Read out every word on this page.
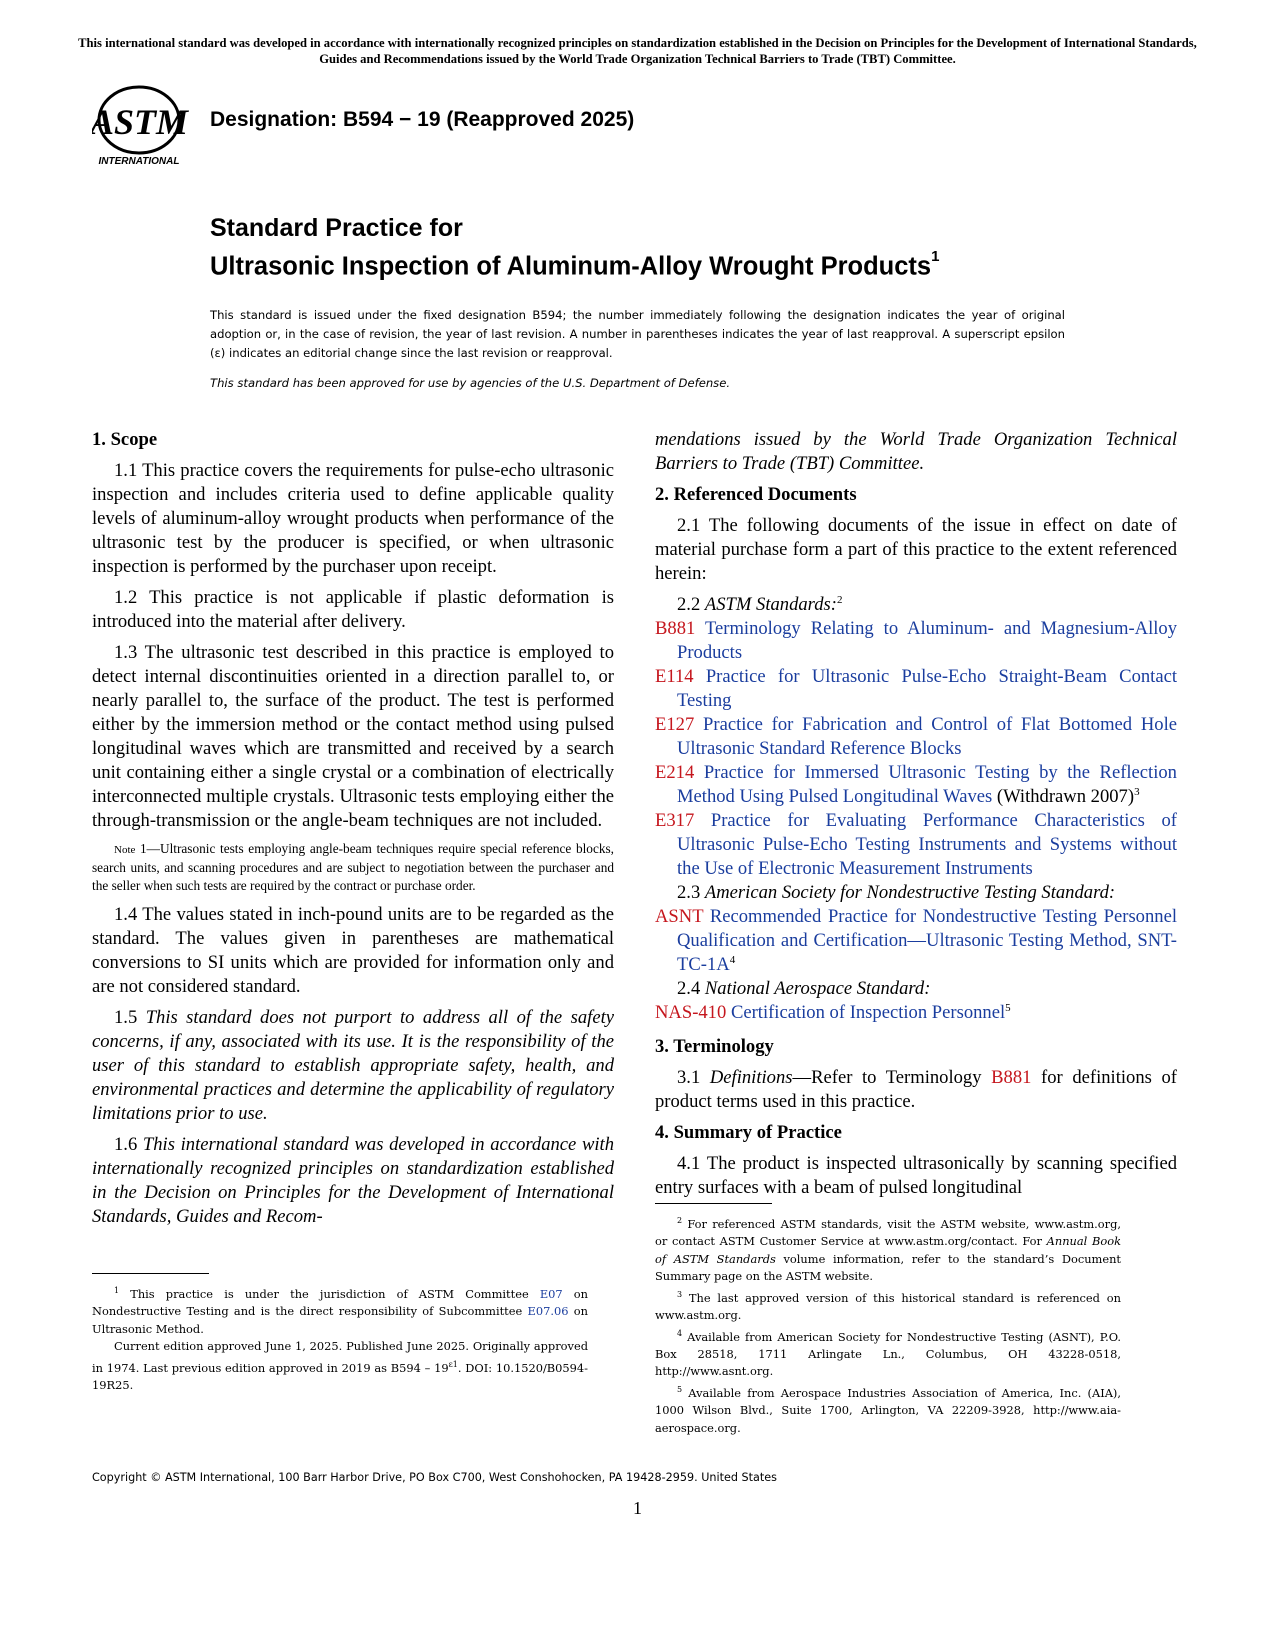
This international standard was developed in accordance with internationally recognized principles on standardization established in the Decision on Principles for the Development of International Standards, Guides and Recommendations issued by the World Trade Organization Technical Barriers to Trade (TBT) Committee.
ASTM
INTERNATIONAL
Designation: B594 − 19 (Reapproved 2025)
Standard Practice for
Ultrasonic Inspection of Aluminum-Alloy Wrought Products$^1$
This standard is issued under the fixed designation B594; the number immediately following the designation indicates the year of original adoption or, in the case of revision, the year of last revision. A number in parentheses indicates the year of last reapproval. A superscript epsilon (ε) indicates an editorial change since the last revision or reapproval.
This standard has been approved for use by agencies of the U.S. Department of Defense.
1. Scope

1.1 This practice covers the requirements for pulse-echo ultrasonic inspection and includes criteria used to define applicable quality levels of aluminum-alloy wrought products when performance of the ultrasonic test by the producer is specified, or when ultrasonic inspection is performed by the purchaser upon receipt.

1.2 This practice is not applicable if plastic deformation is introduced into the material after delivery.

1.3 The ultrasonic test described in this practice is employed to detect internal discontinuities oriented in a direction parallel to, or nearly parallel to, the surface of the product. The test is performed either by the immersion method or the contact method using pulsed longitudinal waves which are transmitted and received by a search unit containing either a single crystal or a combination of electrically interconnected multiple crystals. Ultrasonic tests employing either the through-transmission or the angle-beam techniques are not included.

Note 1—Ultrasonic tests employing angle-beam techniques require special reference blocks, search units, and scanning procedures and are subject to negotiation between the purchaser and the seller when such tests are required by the contract or purchase order.

1.4 The values stated in inch-pound units are to be regarded as the standard. The values given in parentheses are mathematical conversions to SI units which are provided for information only and are not considered standard.

1.5 This standard does not purport to address all of the safety concerns, if any, associated with its use. It is the responsibility of the user of this standard to establish appropriate safety, health, and environmental practices and determine the applicability of regulatory limitations prior to use.

1.6 This international standard was developed in accordance with internationally recognized principles on standardization established in the Decision on Principles for the Development of International Standards, Guides and Recom-

$^1$ This practice is under the jurisdiction of ASTM Committee E07 on Nondestructive Testing and is the direct responsibility of Subcommittee E07.06 on Ultrasonic Method.

Current edition approved June 1, 2025. Published June 2025. Originally approved in 1974. Last previous edition approved in 2019 as $B594 - 19^{\varepsilon 1}$. DOI: 10.1520/B0594-19R25.

mendations issued by the World Trade Organization Technical Barriers to Trade (TBT) Committee.

2. Referenced Documents

2.1 The following documents of the issue in effect on date of material purchase form a part of this practice to the extent referenced herein:

2.2 ASTM Standards:$^2$

B881 Terminology Relating to Aluminum- and Magnesium-Alloy Products
E114 Practice for Ultrasonic Pulse-Echo Straight-Beam Contact Testing
E127 Practice for Fabrication and Control of Flat Bottomed Hole Ultrasonic Standard Reference Blocks
E214 Practice for Immersed Ultrasonic Testing by the Reflection Method Using Pulsed Longitudinal Waves (Withdrawn 2007)$^3$
E317 Practice for Evaluating Performance Characteristics of Ultrasonic Pulse-Echo Testing Instruments and Systems without the Use of Electronic Measurement Instruments

2.3 American Society for Nondestructive Testing Standard:

ASNT Recommended Practice for Nondestructive Testing Personnel Qualification and Certification—Ultrasonic Testing Method, SNT-TC-1A$^4$

2.4 National Aerospace Standard:

NAS-410 Certification of Inspection Personnel$^5$
3. Terminology

3.1 Definitions—Refer to Terminology B881 for definitions of product terms used in this practice.

4. Summary of Practice

4.1 The product is inspected ultrasonically by scanning specified entry surfaces with a beam of pulsed longitudinal

$^2$ For referenced ASTM standards, visit the ASTM website, www.astm.org, or contact ASTM Customer Service at www.astm.org/contact. For Annual Book of ASTM Standards volume information, refer to the standard’s Document Summary page on the ASTM website.

$^3$ The last approved version of this historical standard is referenced on www.astm.org.

$^4$ Available from American Society for Nondestructive Testing (ASNT), P.O. Box 28518, 1711 Arlingate Ln., Columbus, OH 43228-0518, http://www.asnt.org.

$^5$ Available from Aerospace Industries Association of America, Inc. (AIA), 1000 Wilson Blvd., Suite 1700, Arlington, VA 22209-3928, http://www.aia-aerospace.org.

Copyright © ASTM International, 100 Barr Harbor Drive, PO Box C700, West Conshohocken, PA 19428-2959. United States
1
